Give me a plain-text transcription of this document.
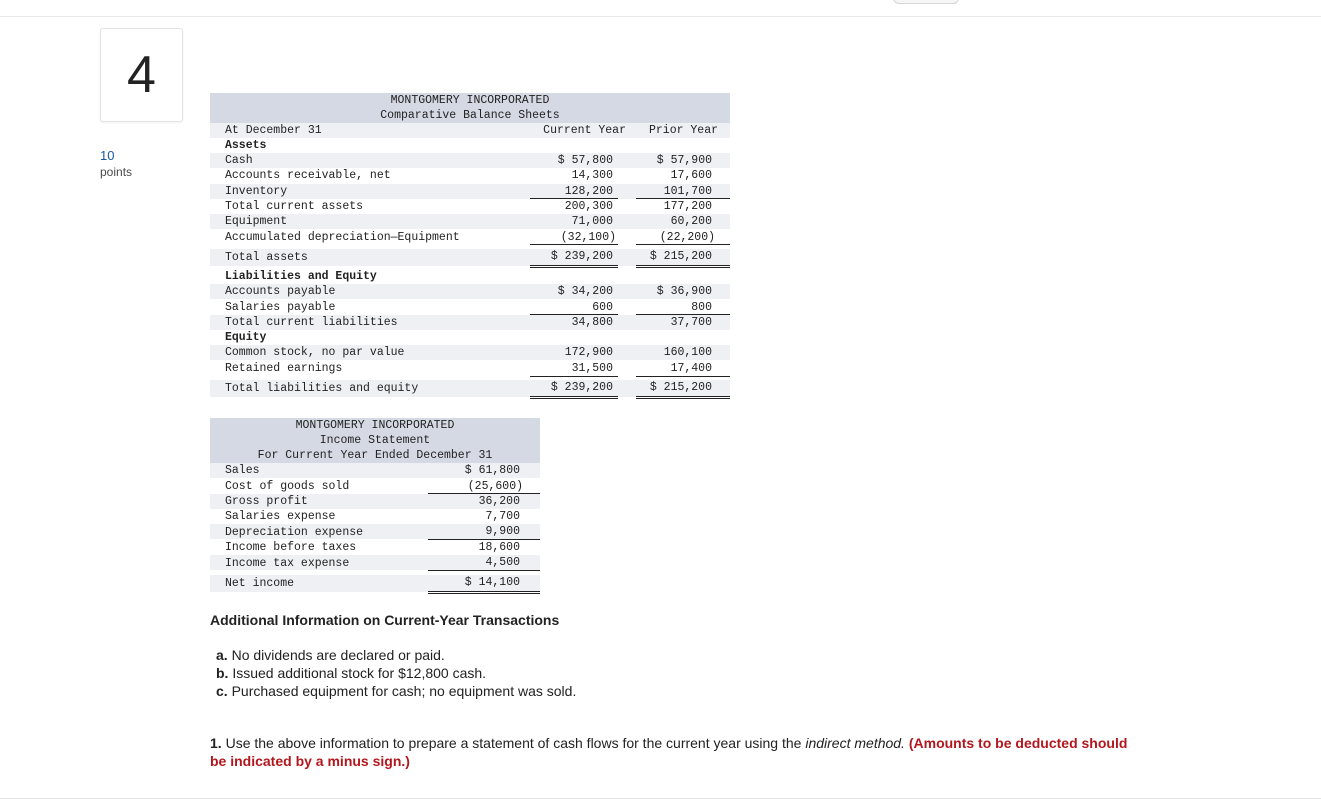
4
10
points
MONTGOMERY INCORPORATED
Comparative Balance Sheets
At December 31	Current Year	Prior Year
Assets
Cash	$ 57,800	$ 57,900
Accounts receivable, net	14,300	17,600
Inventory	128,200	101,700
Total current assets	200,300	177,200
Equipment	71,000	60,200
Accumulated depreciation—Equipment	(32,100)	(22,200)
Total assets	$ 239,200	$ 215,200
Liabilities and Equity
Accounts payable	$ 34,200	$ 36,900
Salaries payable	600	800
Total current liabilities	34,800	37,700
Equity
Common stock, no par value	172,900	160,100
Retained earnings	31,500	17,400
Total liabilities and equity	$ 239,200	$ 215,200
MONTGOMERY INCORPORATED
Income Statement
For Current Year Ended December 31
Sales	$ 61,800
Cost of goods sold	(25,600)
Gross profit	36,200
Salaries expense	7,700
Depreciation expense	9,900
Income before taxes	18,600
Income tax expense	4,500
Net income	$ 14,100
Additional Information on Current-Year Transactions
a. No dividends are declared or paid.
b. Issued additional stock for $12,800 cash.
c. Purchased equipment for cash; no equipment was sold.
1. Use the above information to prepare a statement of cash flows for the current year using the indirect method. (Amounts to be deducted should be indicated by a minus sign.)
